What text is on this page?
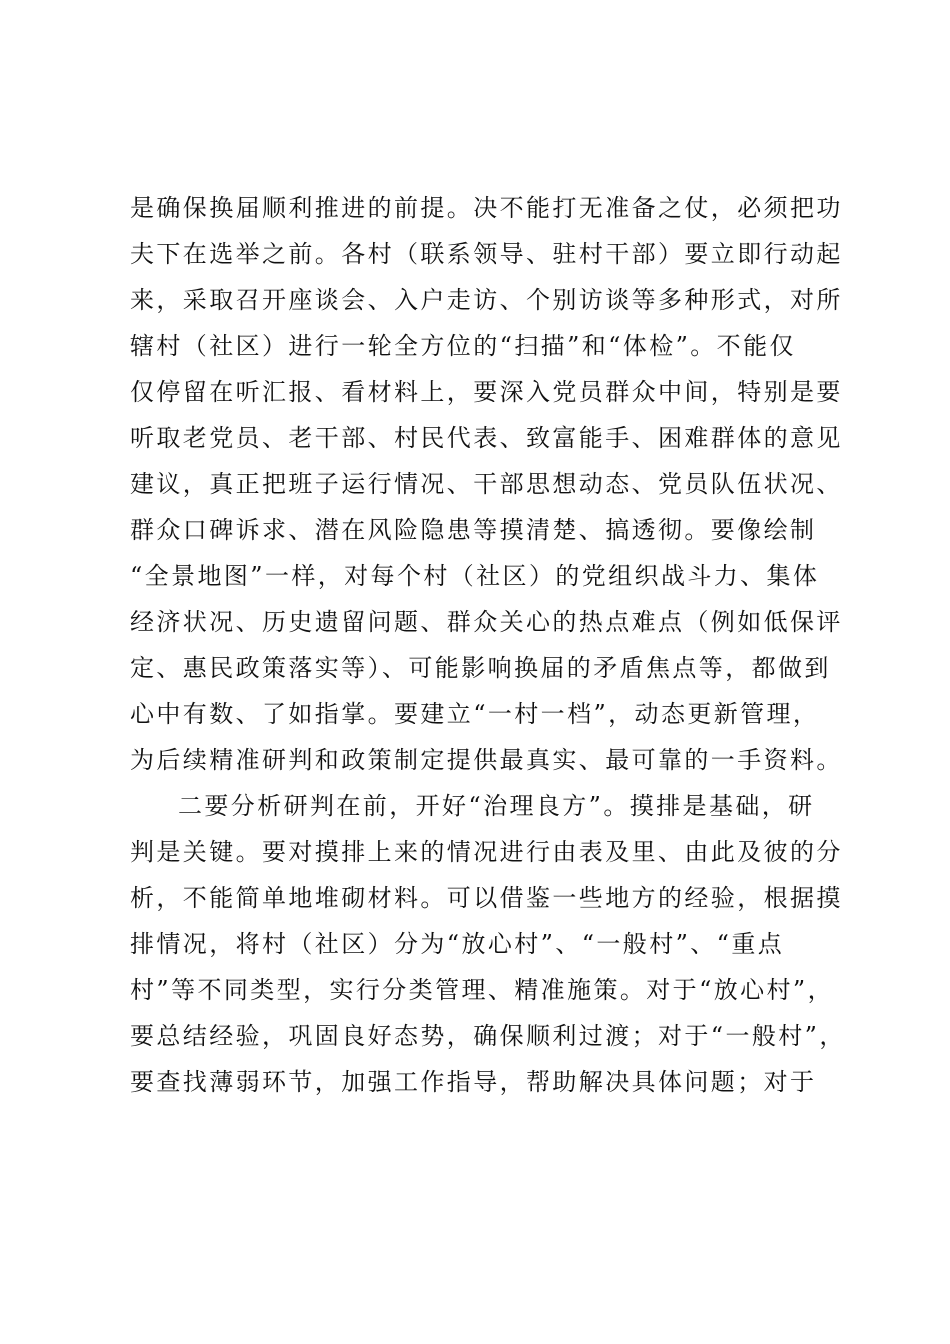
是确保换届顺利推进的前提。决不能打无准备之仗，必须把功
夫下在选举之前。各村（联系领导、驻村干部）要立即行动起
来，采取召开座谈会、入户走访、个别访谈等多种形式，对所
辖村（社区）进行一轮全方位的“扫描”和“体检”。不能仅
仅停留在听汇报、看材料上，要深入党员群众中间，特别是要
听取老党员、老干部、村民代表、致富能手、困难群体的意见
建议，真正把班子运行情况、干部思想动态、党员队伍状况、
群众口碑诉求、潜在风险隐患等摸清楚、搞透彻。要像绘制
“全景地图”一样，对每个村（社区）的党组织战斗力、集体
经济状况、历史遗留问题、群众关心的热点难点（例如低保评
定、惠民政策落实等）、可能影响换届的矛盾焦点等，都做到
心中有数、了如指掌。要建立“一村一档”，动态更新管理，
为后续精准研判和政策制定提供最真实、最可靠的一手资料。
二要分析研判在前，开好“治理良方”。摸排是基础，研
判是关键。要对摸排上来的情况进行由表及里、由此及彼的分
析，不能简单地堆砌材料。可以借鉴一些地方的经验，根据摸
排情况，将村（社区）分为“放心村”、“一般村”、“重点
村”等不同类型，实行分类管理、精准施策。对于“放心村”，
要总结经验，巩固良好态势，确保顺利过渡；对于“一般村”，
要查找薄弱环节，加强工作指导，帮助解决具体问题；对于
